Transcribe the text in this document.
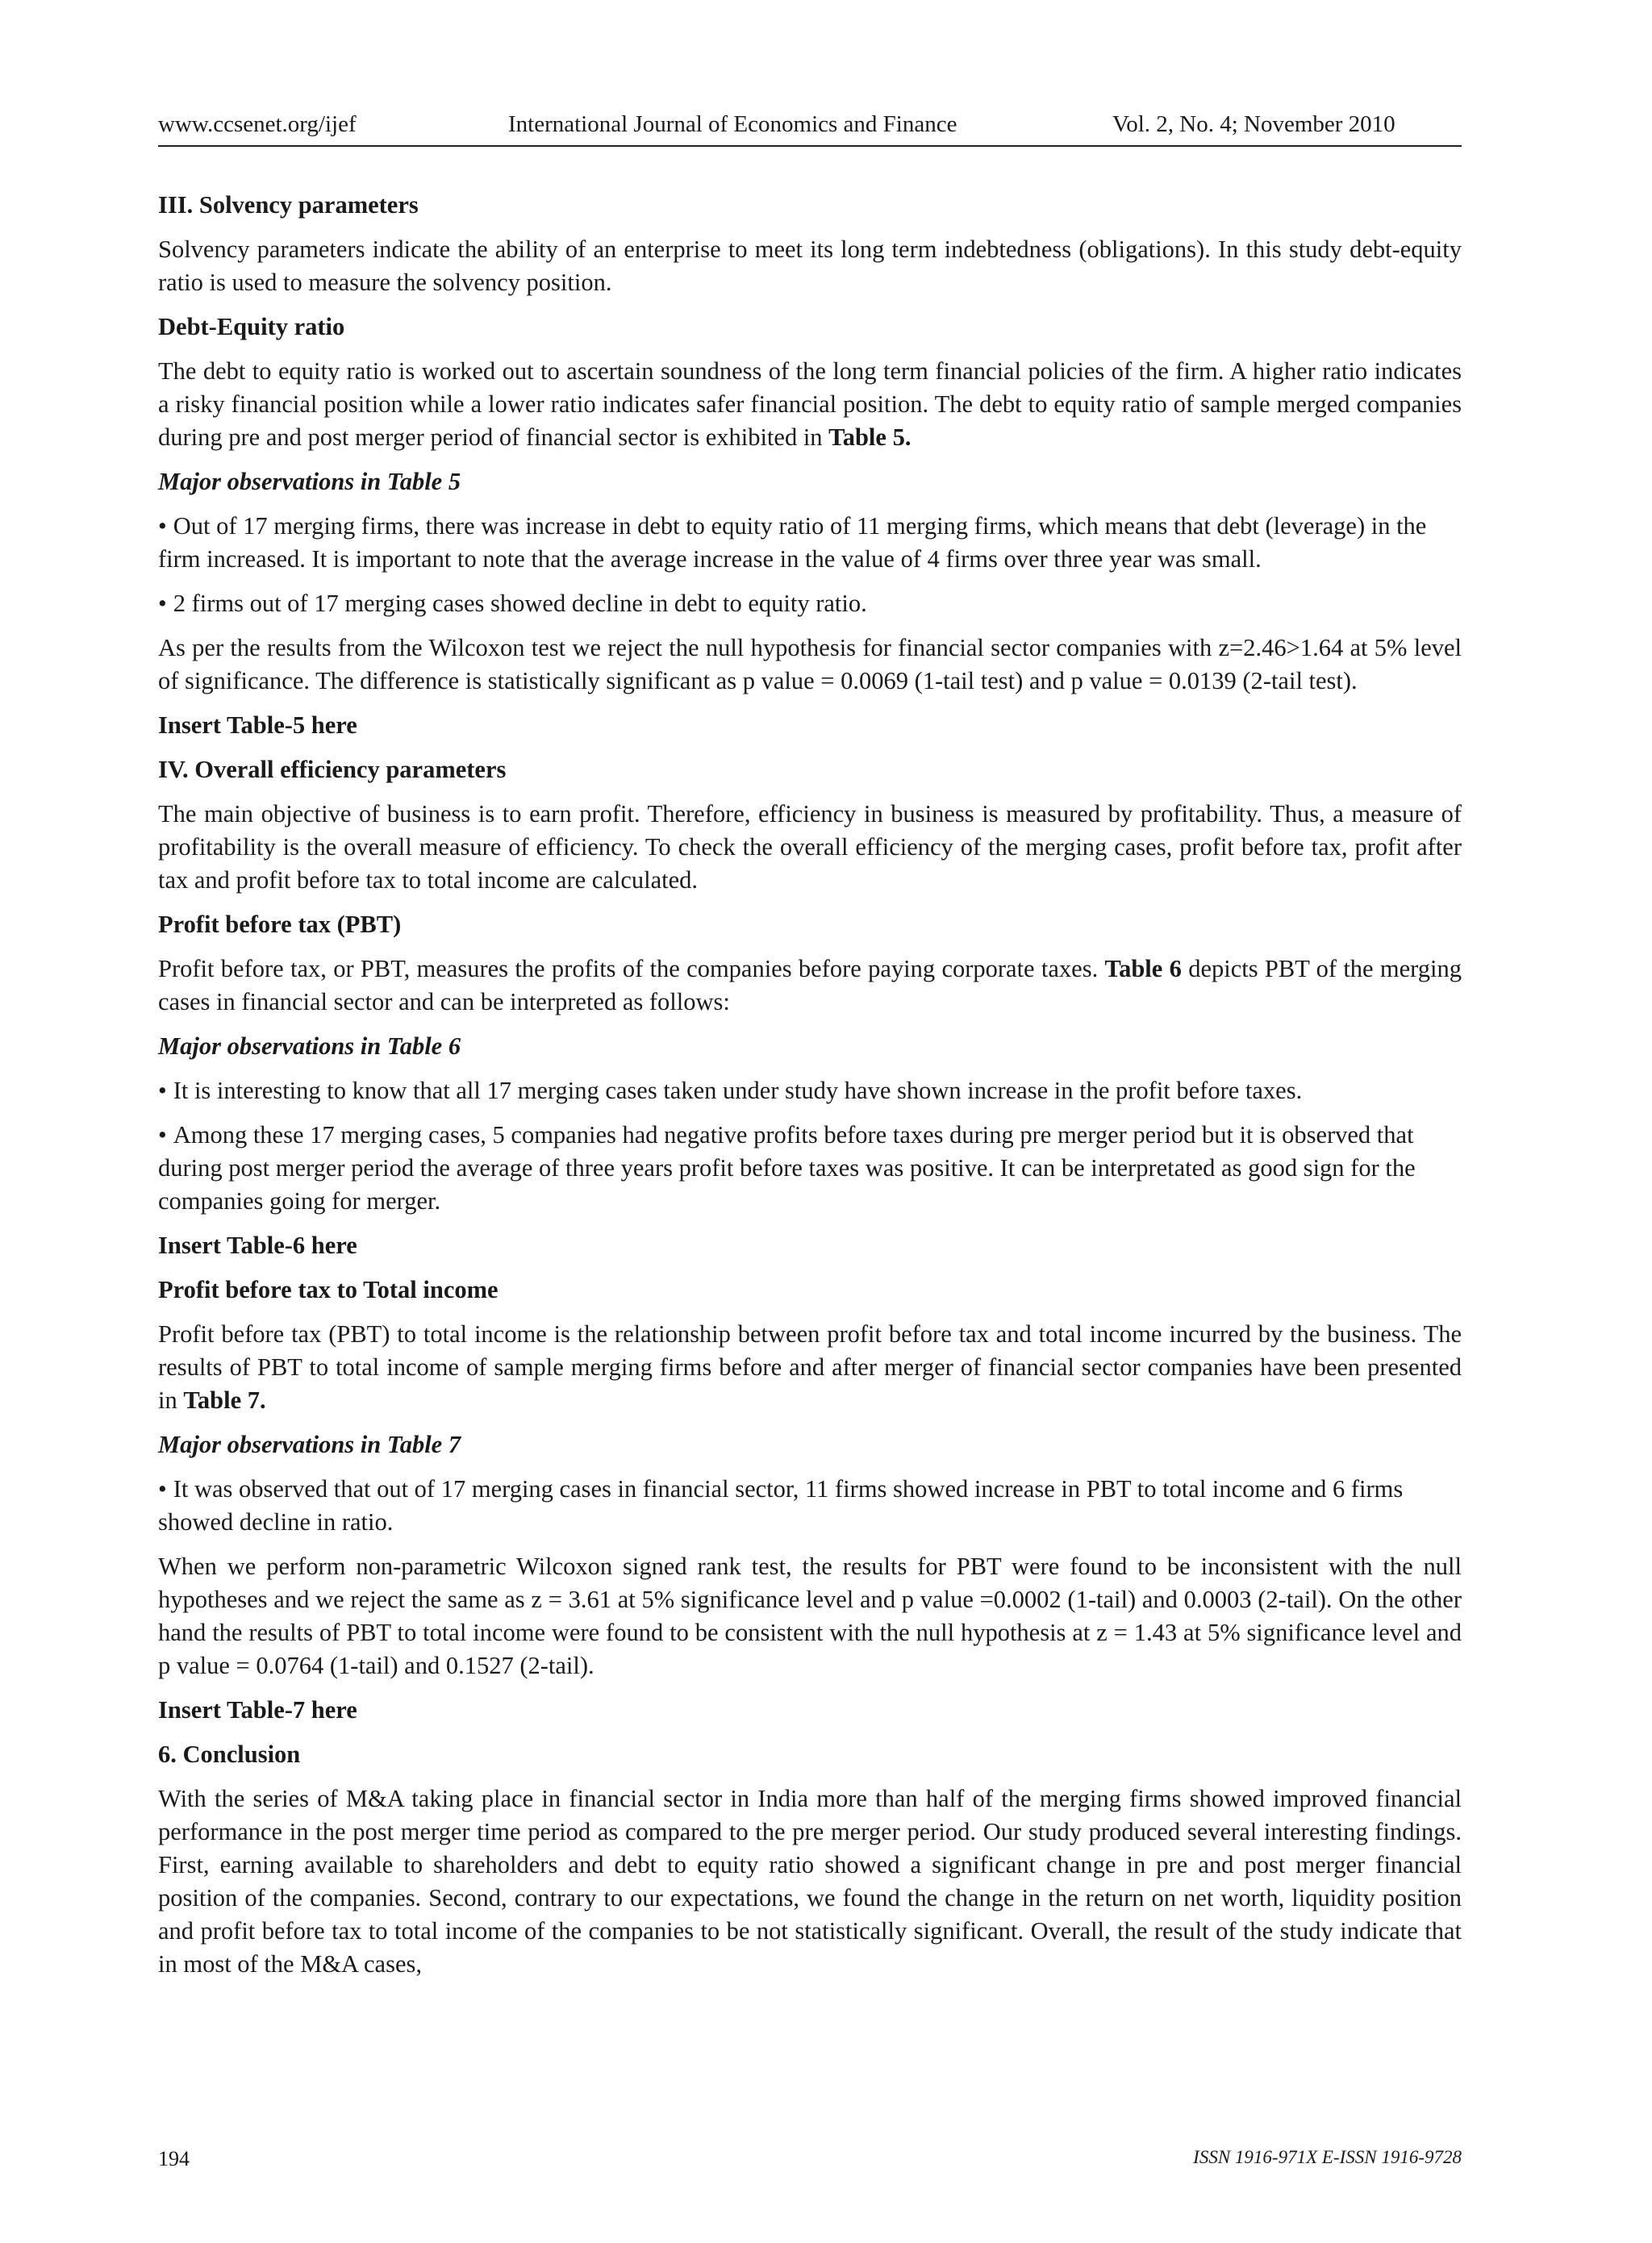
www.ccsenet.org/ijef	International Journal of Economics and Finance	Vol. 2, No. 4; November 2010
III. Solvency parameters

Solvency parameters indicate the ability of an enterprise to meet its long term indebtedness (obligations). In this study debt-equity ratio is used to measure the solvency position.

Debt-Equity ratio

The debt to equity ratio is worked out to ascertain soundness of the long term financial policies of the firm. A higher ratio indicates a risky financial position while a lower ratio indicates safer financial position. The debt to equity ratio of sample merged companies during pre and post merger period of financial sector is exhibited in Table 5.

Major observations in Table 5

• Out of 17 merging firms, there was increase in debt to equity ratio of 11 merging firms, which means that debt (leverage) in the firm increased. It is important to note that the average increase in the value of 4 firms over three year was small.

• 2 firms out of 17 merging cases showed decline in debt to equity ratio.

As per the results from the Wilcoxon test we reject the null hypothesis for financial sector companies with z=2.46>1.64 at 5% level of significance. The difference is statistically significant as p value = 0.0069 (1-tail test) and p value = 0.0139 (2-tail test).

Insert Table-5 here
IV. Overall efficiency parameters

The main objective of business is to earn profit. Therefore, efficiency in business is measured by profitability. Thus, a measure of profitability is the overall measure of efficiency. To check the overall efficiency of the merging cases, profit before tax, profit after tax and profit before tax to total income are calculated.

Profit before tax (PBT)

Profit before tax, or PBT, measures the profits of the companies before paying corporate taxes. Table 6 depicts PBT of the merging cases in financial sector and can be interpreted as follows:

Major observations in Table 6

• It is interesting to know that all 17 merging cases taken under study have shown increase in the profit before taxes.

• Among these 17 merging cases, 5 companies had negative profits before taxes during pre merger period but it is observed that during post merger period the average of three years profit before taxes was positive. It can be interpretated as good sign for the companies going for merger.

Insert Table-6 here
Profit before tax to Total income

Profit before tax (PBT) to total income is the relationship between profit before tax and total income incurred by the business. The results of PBT to total income of sample merging firms before and after merger of financial sector companies have been presented in Table 7.

Major observations in Table 7

• It was observed that out of 17 merging cases in financial sector, 11 firms showed increase in PBT to total income and 6 firms showed decline in ratio.

When we perform non-parametric Wilcoxon signed rank test, the results for PBT were found to be inconsistent with the null hypotheses and we reject the same as z = 3.61 at 5% significance level and p value =0.0002 (1-tail) and 0.0003 (2-tail). On the other hand the results of PBT to total income were found to be consistent with the null hypothesis at z = 1.43 at 5% significance level and p value = 0.0764 (1-tail) and 0.1527 (2-tail).

Insert Table-7 here
6. Conclusion

With the series of M&A taking place in financial sector in India more than half of the merging firms showed improved financial performance in the post merger time period as compared to the pre merger period. Our study produced several interesting findings. First, earning available to shareholders and debt to equity ratio showed a significant change in pre and post merger financial position of the companies. Second, contrary to our expectations, we found the change in the return on net worth, liquidity position and profit before tax to total income of the companies to be not statistically significant. Overall, the result of the study indicate that in most of the M&A cases,

194	ISSN 1916-971X E-ISSN 1916-9728
